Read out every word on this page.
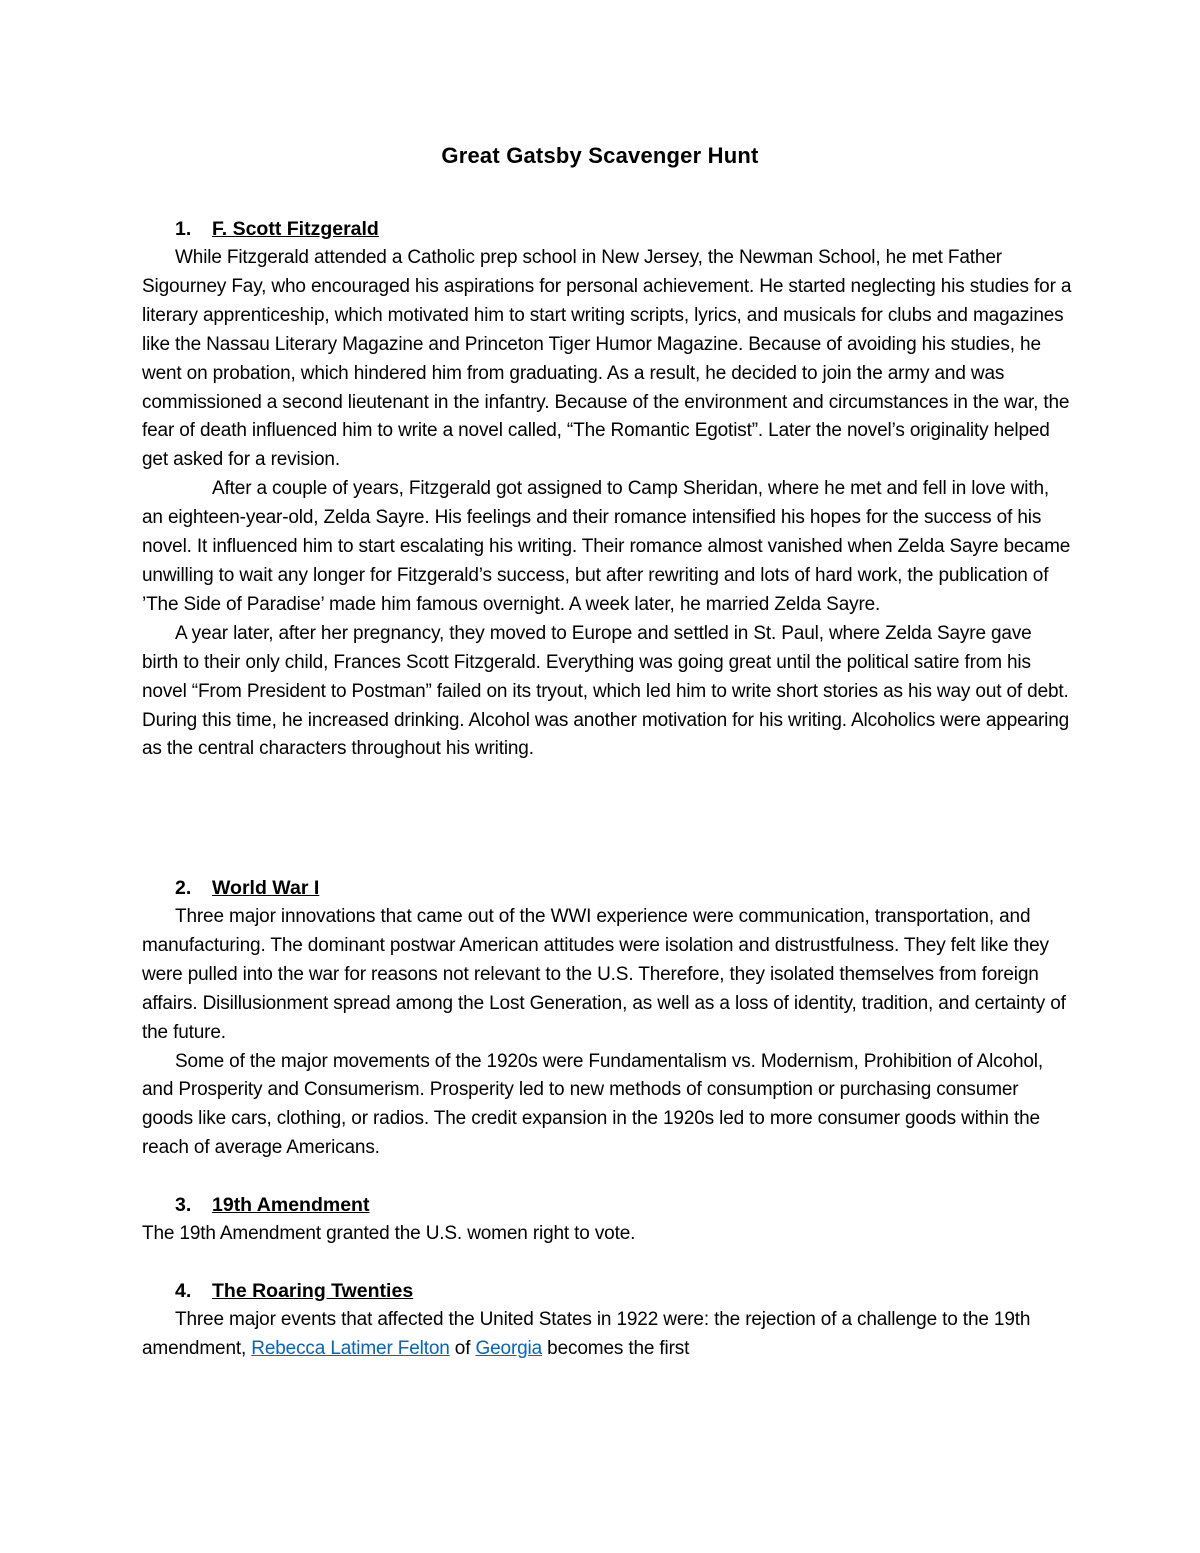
Great Gatsby Scavenger Hunt
1. F. Scott Fitzgerald

While Fitzgerald attended a Catholic prep school in New Jersey, the Newman School, he met Father Sigourney Fay, who encouraged his aspirations for personal achievement. He started neglecting his studies for a literary apprenticeship, which motivated him to start writing scripts, lyrics, and musicals for clubs and magazines like the Nassau Literary Magazine and Princeton Tiger Humor Magazine. Because of avoiding his studies, he went on probation, which hindered him from graduating. As a result, he decided to join the army and was commissioned a second lieutenant in the infantry. Because of the environment and circumstances in the war, the fear of death influenced him to write a novel called, “The Romantic Egotist”. Later the novel’s originality helped get asked for a revision.

After a couple of years, Fitzgerald got assigned to Camp Sheridan, where he met and fell in love with, an eighteen-year-old, Zelda Sayre. His feelings and their romance intensified his hopes for the success of his novel. It influenced him to start escalating his writing. Their romance almost vanished when Zelda Sayre became unwilling to wait any longer for Fitzgerald’s success, but after rewriting and lots of hard work, the publication of ’The Side of Paradise’ made him famous overnight. A week later, he married Zelda Sayre.

A year later, after her pregnancy, they moved to Europe and settled in St. Paul, where Zelda Sayre gave birth to their only child, Frances Scott Fitzgerald. Everything was going great until the political satire from his novel “From President to Postman” failed on its tryout, which led him to write short stories as his way out of debt. During this time, he increased drinking. Alcohol was another motivation for his writing. Alcoholics were appearing as the central characters throughout his writing.

2. World War I

Three major innovations that came out of the WWI experience were communication, transportation, and manufacturing. The dominant postwar American attitudes were isolation and distrustfulness. They felt like they were pulled into the war for reasons not relevant to the U.S. Therefore, they isolated themselves from foreign affairs. Disillusionment spread among the Lost Generation, as well as a loss of identity, tradition, and certainty of the future.

Some of the major movements of the 1920s were Fundamentalism vs. Modernism, Prohibition of Alcohol, and Prosperity and Consumerism. Prosperity led to new methods of consumption or purchasing consumer goods like cars, clothing, or radios. The credit expansion in the 1920s led to more consumer goods within the reach of average Americans.

3. 19th Amendment

The 19th Amendment granted the U.S. women right to vote.

4. The Roaring Twenties

Three major events that affected the United States in 1922 were: the rejection of a challenge to the 19th amendment, Rebecca Latimer Felton of Georgia becomes the first
